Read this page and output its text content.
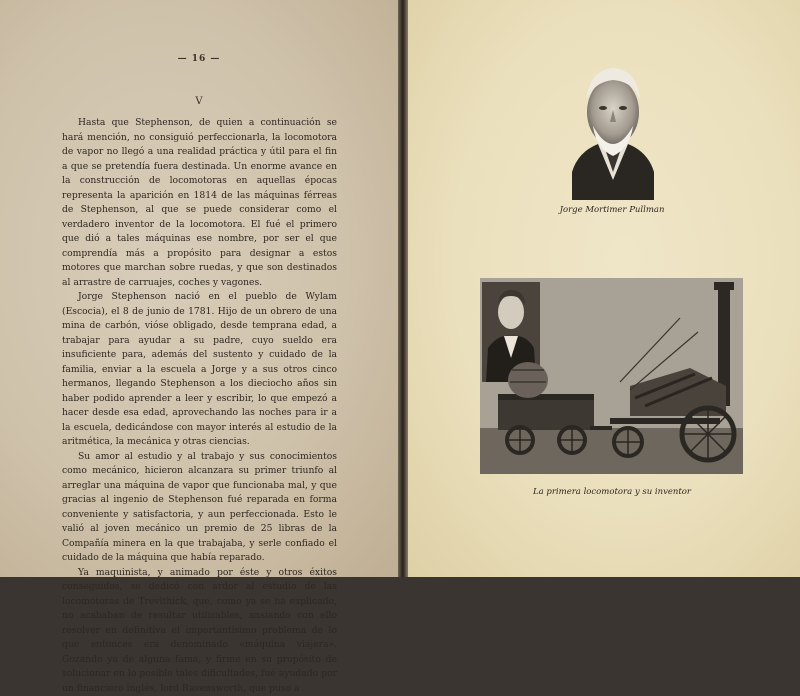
— 16 —
V

Hasta que Stephenson, de quien a continuación se hará mención, no consiguió perfeccionarla, la locomotora de vapor no llegó a una realidad práctica y útil para el fin a que se pretendía fuera destinada. Un enorme avance en la construcción de locomotoras en aquellas épocas representa la aparición en 1814 de las máquinas férreas de Stephenson, al que se puede considerar como el verdadero inventor de la locomotora. El fué el primero que dió a tales máquinas ese nombre, por ser el que comprendía más a propósito para designar a estos motores que marchan sobre ruedas, y que son destinados al arrastre de carruajes, coches y vagones.

Jorge Stephenson nació en el pueblo de Wylam (Escocia), el 8 de junio de 1781. Hijo de un obrero de una mina de carbón, vióse obligado, desde temprana edad, a trabajar para ayudar a su padre, cuyo sueldo era insuficiente para, además del sustento y cuidado de la familia, enviar a la escuela a Jorge y a sus otros cinco hermanos, llegando Stephenson a los dieciocho años sin haber podido aprender a leer y escribir, lo que empezó a hacer desde esa edad, aprovechando las noches para ir a la escuela, dedicándose con mayor interés al estudio de la aritmética, la mecánica y otras ciencias.

Su amor al estudio y al trabajo y sus conocimientos como mecánico, hicieron alcanzara su primer triunfo al arreglar una máquina de vapor que funcionaba mal, y que gracias al ingenio de Stephenson fué reparada en forma conveniente y satisfactoria, y aun perfeccionada. Esto le valió al joven mecánico un premio de 25 libras de la Compañía minera en la que trabajaba, y serle confiado el cuidado de la máquina que había reparado.

Ya maquinista, y animado por éste y otros éxitos conseguidos, se dedicó con ardor al estudio de las locomotoras de Trevithick, que, como ya se ha explicado, no acababan de resultar utilizables, ansiando con ello resolver en definitiva el importantísimo problema de lo que entonces era denominado «máquina viajera». Gozando ya de alguna fama, y firme en su propósito de solucionar en lo posible tales dificultades, fué ayudado por un financiero inglés, lord Ravensworth, que puso a

Jorge Mortimer Pullman
La primera locomotora y su inventor
